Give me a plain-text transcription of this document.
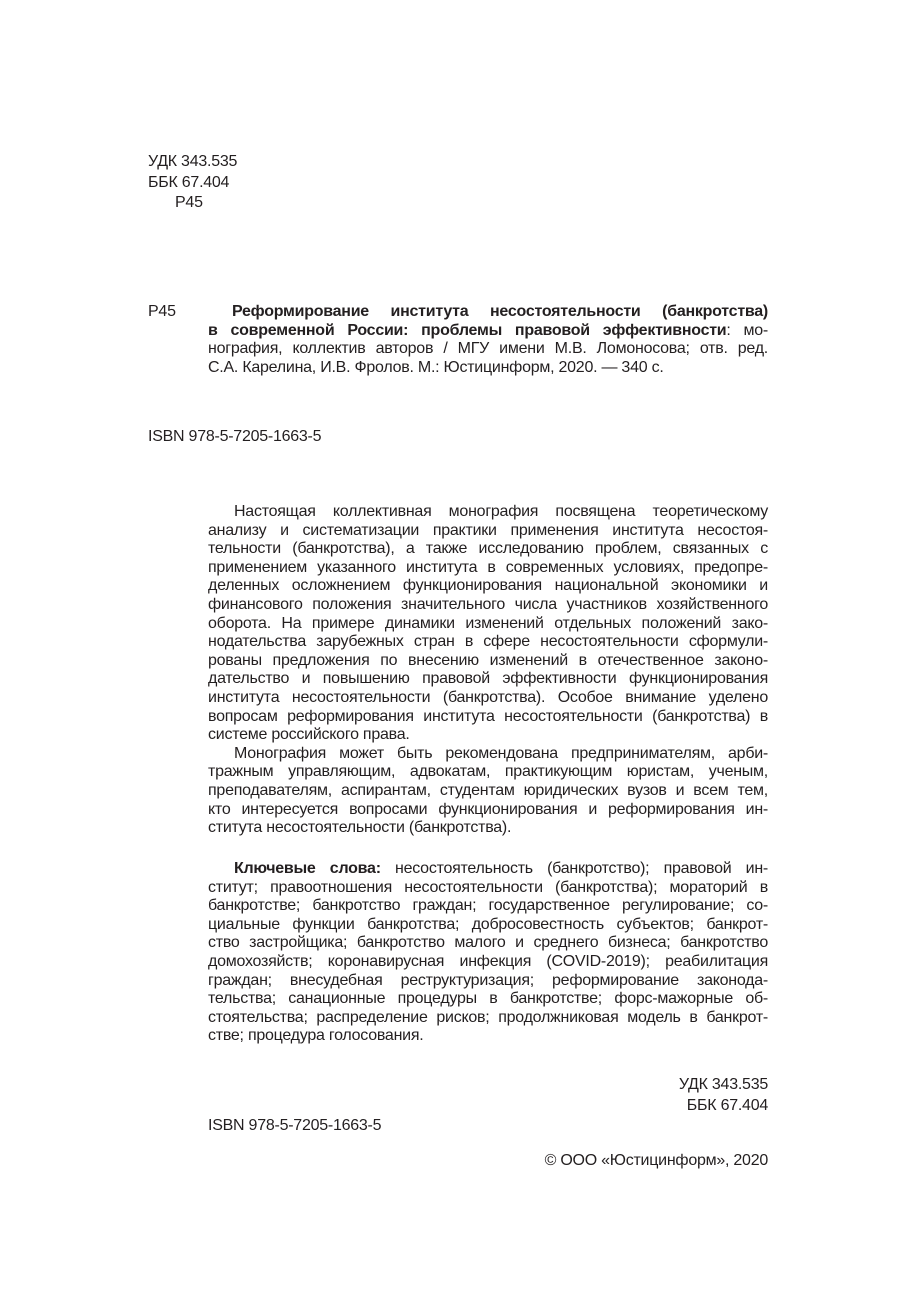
УДК 343.535
ББК 67.404
Р45
Р45	Реформирование института несостоятельности (банкротства)
в современной России: проблемы правовой эффективности: мо-
нография, коллектив авторов / МГУ имени М.В. Ломоносова; отв. ред.
С.А. Карелина, И.В. Фролов. М.: Юстицинформ, 2020. — 340 с.
ISBN 978-5-7205-1663-5
Настоящая коллективная монография посвящена теоретическому
анализу и систематизации практики применения института несостоя-
тельности (банкротства), а также исследованию проблем, связанных с
применением указанного института в современных условиях, предопре-
деленных осложнением функционирования национальной экономики и
финансового положения значительного числа участников хозяйственного
оборота. На примере динамики изменений отдельных положений зако-
нодательства зарубежных стран в сфере несостоятельности сформули-
рованы предложения по внесению изменений в отечественное законо-
дательство и повышению правовой эффективности функционирования
института несостоятельности (банкротства). Особое внимание уделено
вопросам реформирования института несостоятельности (банкротства) в
системе российского права.
Монография может быть рекомендована предпринимателям, арби-
тражным управляющим, адвокатам, практикующим юристам, ученым,
преподавателям, аспирантам, студентам юридических вузов и всем тем,
кто интересуется вопросами функционирования и реформирования ин-
ститута несостоятельности (банкротства).
Ключевые слова: несостоятельность (банкротство); правовой ин-
ститут; правоотношения несостоятельности (банкротства); мораторий в
банкротстве; банкротство граждан; государственное регулирование; со-
циальные функции банкротства; добросовестность субъектов; банкрот-
ство застройщика; банкротство малого и среднего бизнеса; банкротство
домохозяйств; коронавирусная инфекция (COVID-2019); реабилитация
граждан; внесудебная реструктуризация; реформирование законода-
тельства; санационные процедуры в банкротстве; форс-мажорные об-
стоятельства; распределение рисков; продолжниковая модель в банкрот-
стве; процедура голосования.
УДК 343.535
ББК 67.404
ISBN 978-5-7205-1663-5
© ООО «Юстицинформ», 2020
